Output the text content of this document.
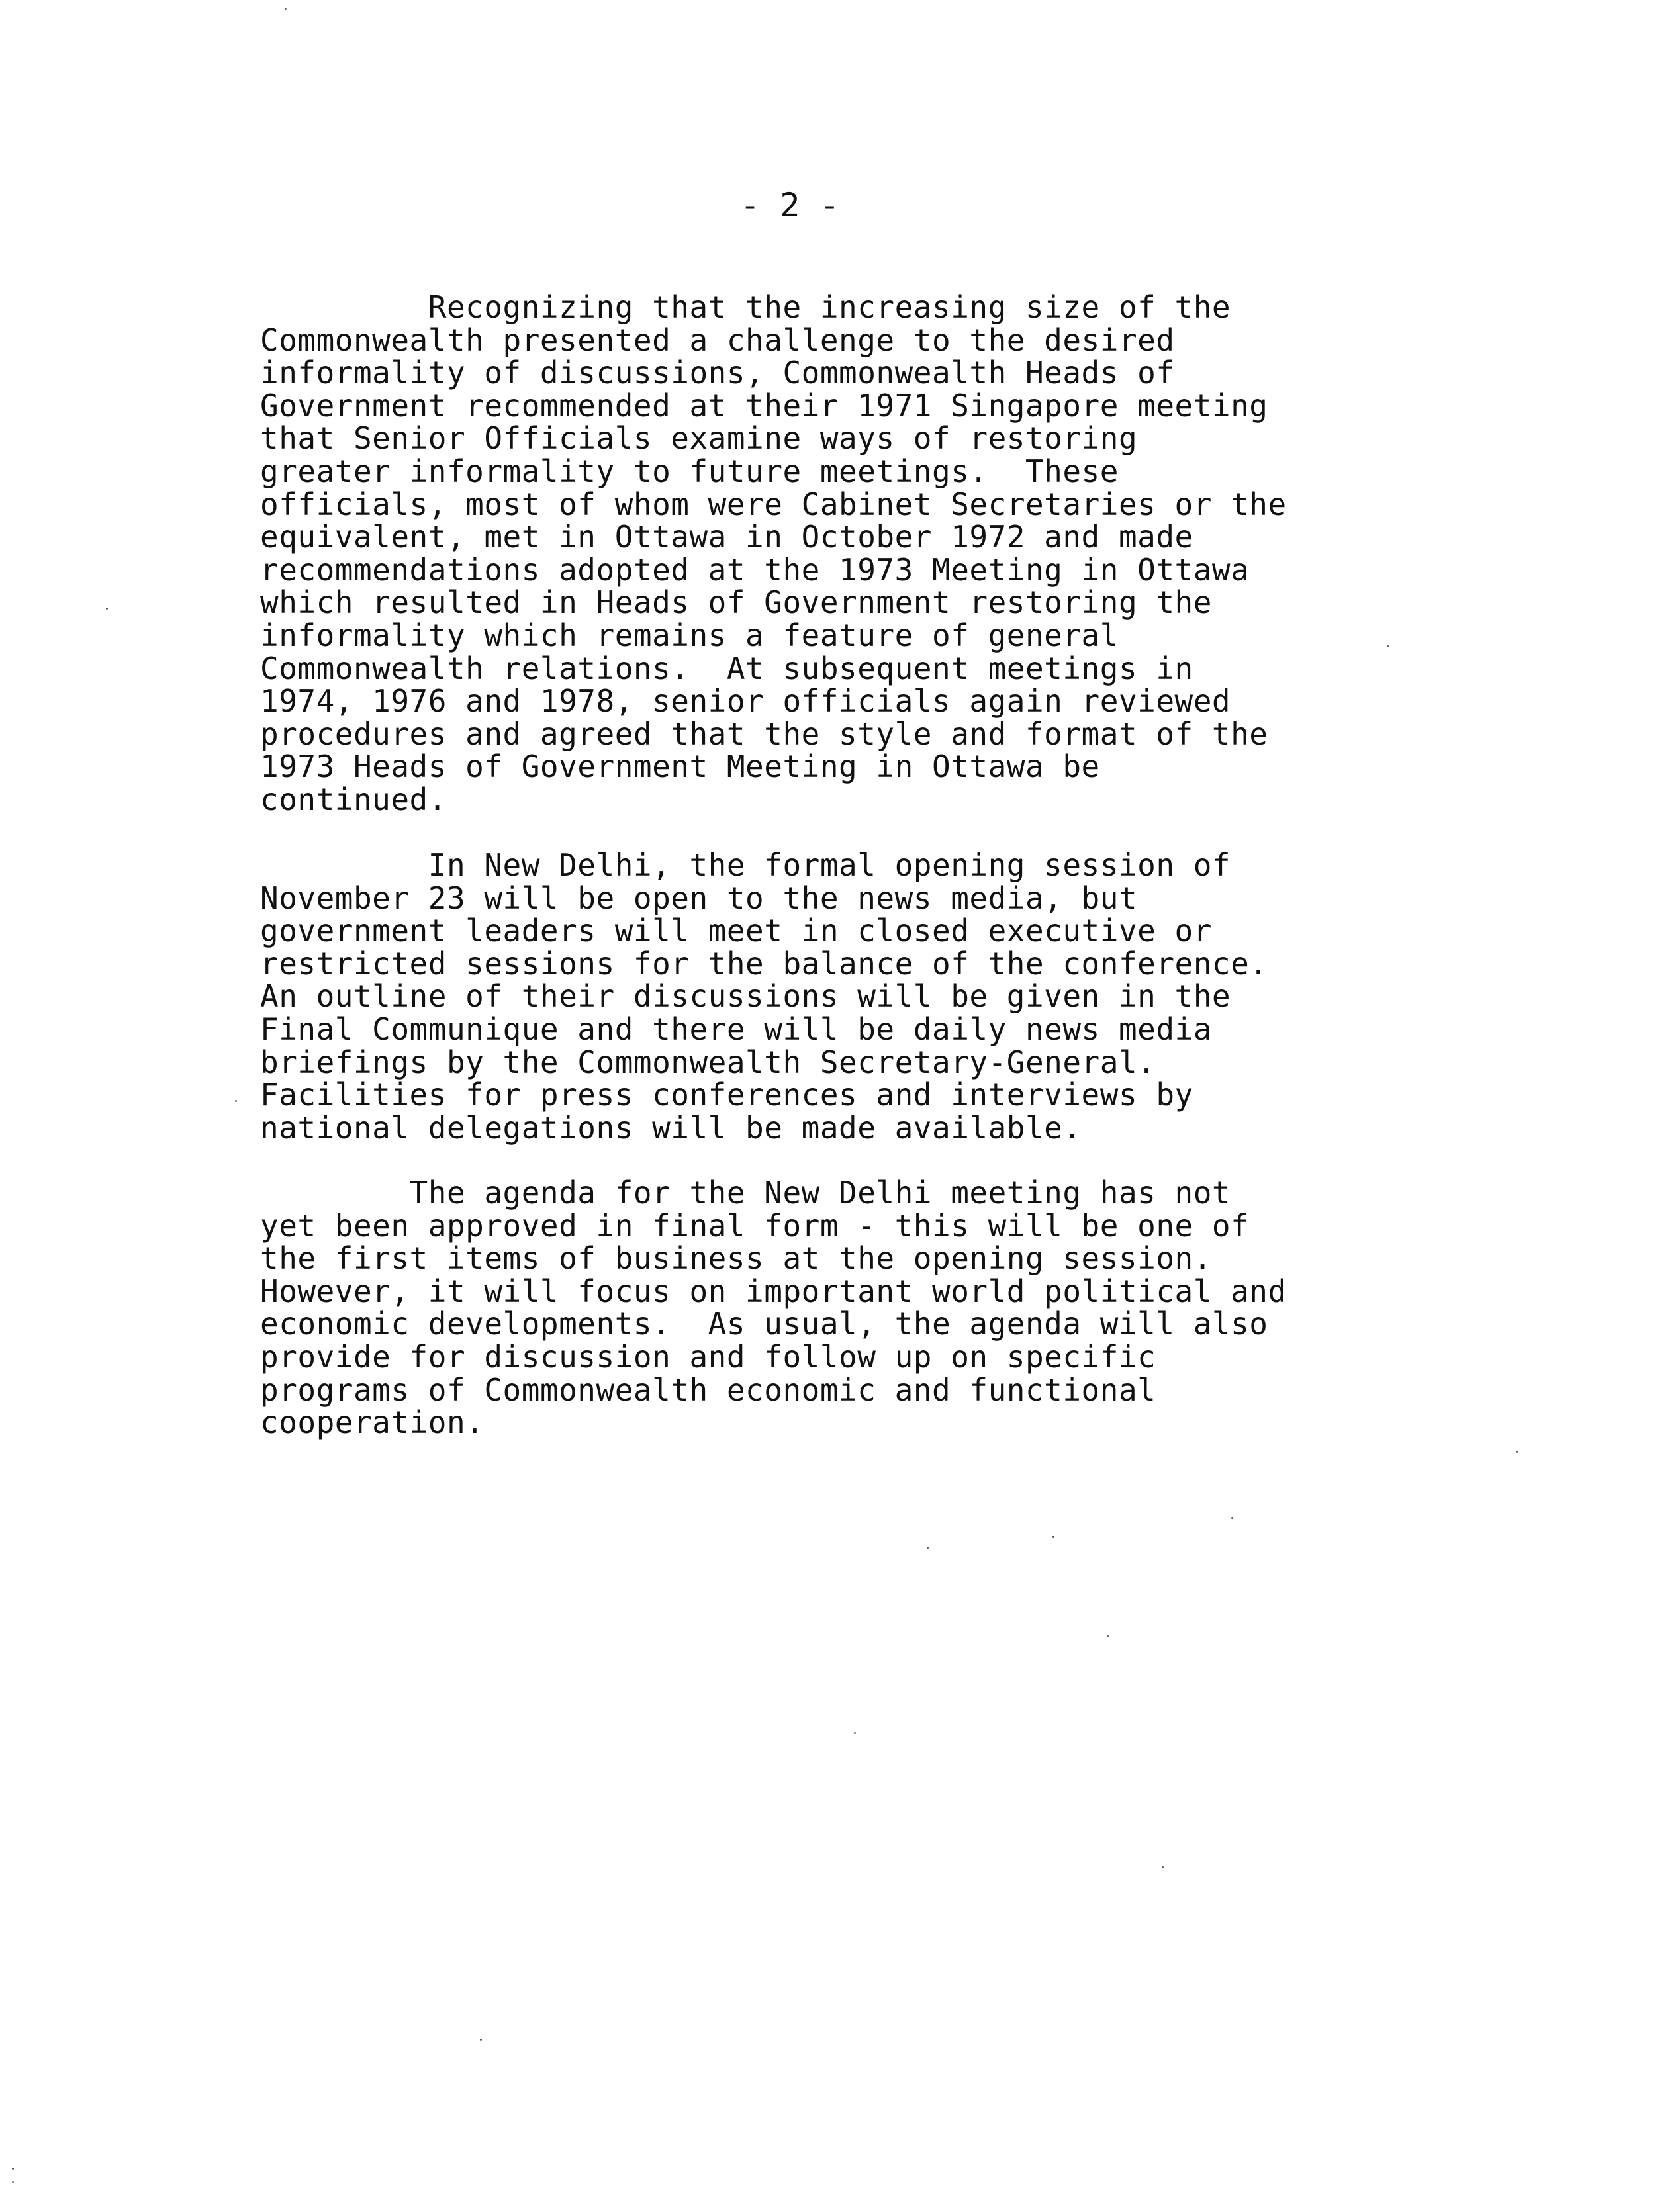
- 2 -
Recognizing that the increasing size of the
Commonwealth presented a challenge to the desired
informality of discussions, Commonwealth Heads of
Government recommended at their 1971 Singapore meeting
that Senior Officials examine ways of restoring
greater informality to future meetings.  These
officials, most of whom were Cabinet Secretaries or the
equivalent, met in Ottawa in October 1972 and made
recommendations adopted at the 1973 Meeting in Ottawa
which resulted in Heads of Government restoring the
informality which remains a feature of general
Commonwealth relations.  At subsequent meetings in
1974, 1976 and 1978, senior officials again reviewed
procedures and agreed that the style and format of the
1973 Heads of Government Meeting in Ottawa be
continued.
In New Delhi, the formal opening session of
November 23 will be open to the news media, but
government leaders will meet in closed executive or
restricted sessions for the balance of the conference.
An outline of their discussions will be given in the
Final Communique and there will be daily news media
briefings by the Commonwealth Secretary-General.
Facilities for press conferences and interviews by
national delegations will be made available.
The agenda for the New Delhi meeting has not
yet been approved in final form - this will be one of
the first items of business at the opening session.
However, it will focus on important world political and
economic developments.  As usual, the agenda will also
provide for discussion and follow up on specific
programs of Commonwealth economic and functional
cooperation.
